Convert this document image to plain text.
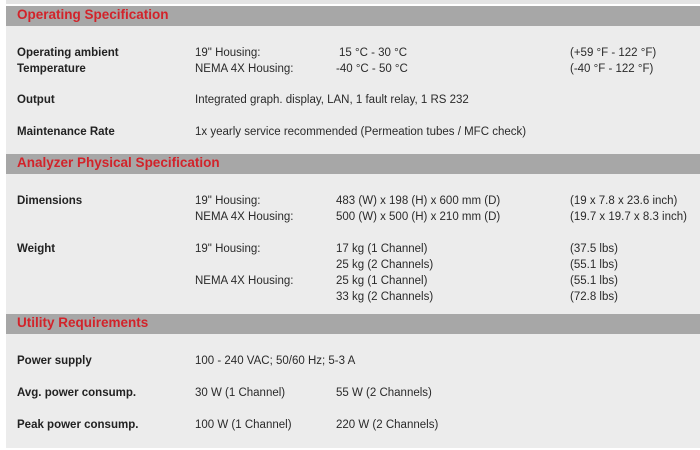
Operating Specification
Operating ambient
Temperature
19" Housing:	15 °C - 30 °C	(+59 °F - 122 °F)
NEMA 4X Housing:	-40 °C - 50 °C	(-40 °F - 122 °F)
Output	Integrated graph. display, LAN, 1 fault relay, 1 RS 232
Maintenance Rate	1x yearly service recommended (Permeation tubes / MFC check)
Analyzer Physical Specification
Dimensions	19" Housing:	483 (W) x 198 (H) x 600 mm (D)	(19 x 7.8 x 23.6 inch)
NEMA 4X Housing:	500 (W) x 500 (H) x 210 mm (D)	(19.7 x 19.7 x 8.3 inch)
Weight	19" Housing:	17 kg (1 Channel)	(37.5 lbs)
25 kg (2 Channels)	(55.1 lbs)
NEMA 4X Housing:	25 kg (1 Channel)	(55.1 lbs)
33 kg (2 Channels)	(72.8 lbs)
Utility Requirements
Power supply	100 - 240 VAC; 50/60 Hz; 5-3 A
Avg. power consump.	30 W (1 Channel)	55 W (2 Channels)
Peak power consump.	100 W (1 Channel)	220 W (2 Channels)
